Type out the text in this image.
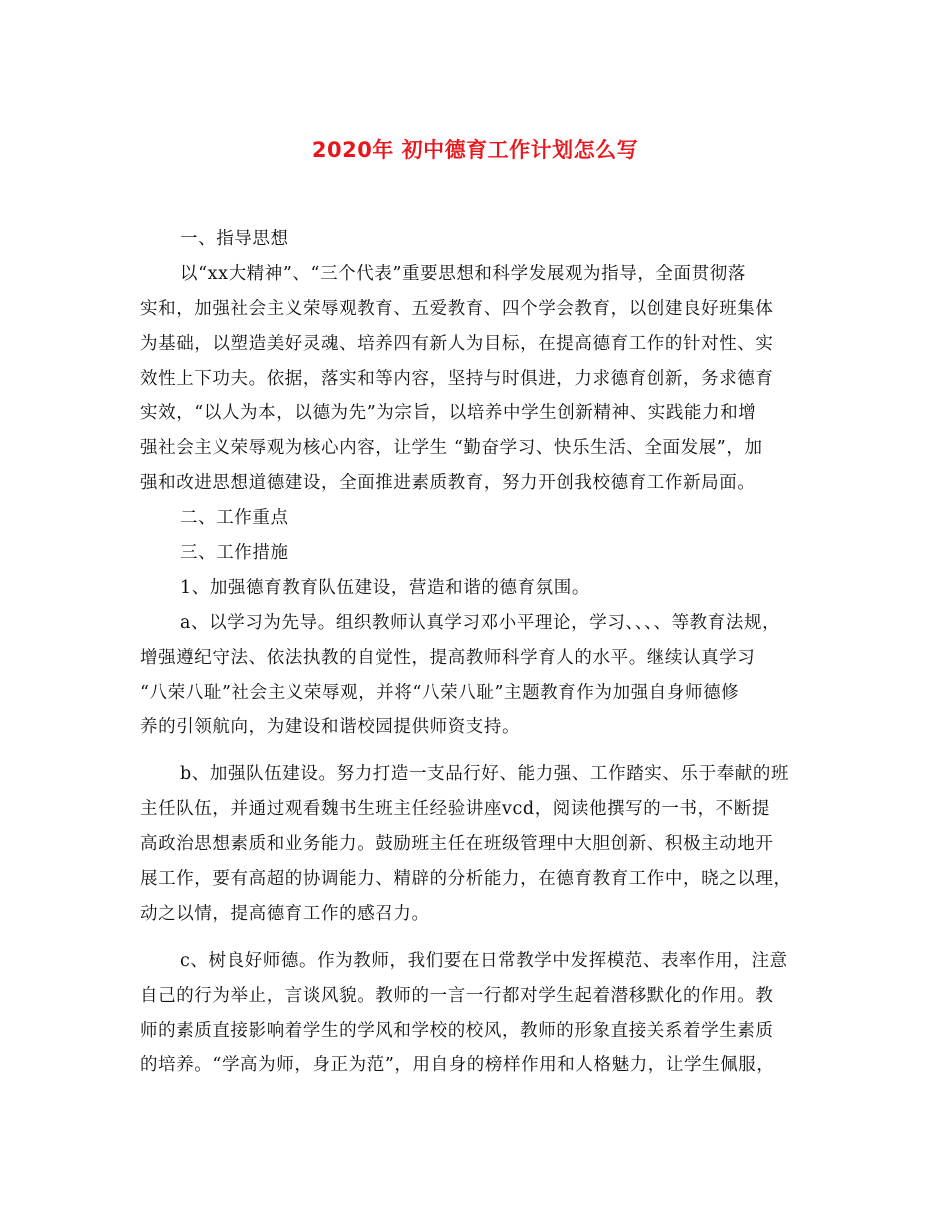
2020年 初中德育工作计划怎么写
一、指导思想
以“xx大精神”、“三个代表”重要思想和科学发展观为指导，全面贯彻落
实和，加强社会主义荣辱观教育、五爱教育、四个学会教育，以创建良好班集体
为基础，以塑造美好灵魂、培养四有新人为目标，在提高德育工作的针对性、实
效性上下功夫。依据，落实和等内容，坚持与时俱进，力求德育创新，务求德育
实效，“以人为本，以德为先”为宗旨，以培养中学生创新精神、实践能力和增
强社会主义荣辱观为核心内容，让学生 “勤奋学习、快乐生活、全面发展”，加
强和改进思想道德建设，全面推进素质教育，努力开创我校德育工作新局面。
二、工作重点
三、工作措施
1、加强德育教育队伍建设，营造和谐的德育氛围。
a、以学习为先导。组织教师认真学习邓小平理论，学习、、、、等教育法规，
增强遵纪守法、依法执教的自觉性，提高教师科学育人的水平。继续认真学习
“八荣八耻”社会主义荣辱观，并将“八荣八耻”主题教育作为加强自身师德修
养的引领航向，为建设和谐校园提供师资支持。
b、加强队伍建设。努力打造一支品行好、能力强、工作踏实、乐于奉献的班
主任队伍，并通过观看魏书生班主任经验讲座vcd，阅读他撰写的一书，不断提
高政治思想素质和业务能力。鼓励班主任在班级管理中大胆创新、积极主动地开
展工作，要有高超的协调能力、精辟的分析能力，在德育教育工作中，晓之以理，
动之以情，提高德育工作的感召力。
c、树良好师德。作为教师，我们要在日常教学中发挥模范、表率作用，注意
自己的行为举止，言谈风貌。教师的一言一行都对学生起着潜移默化的作用。教
师的素质直接影响着学生的学风和学校的校风，教师的形象直接关系着学生素质
的培养。“学高为师，身正为范”，用自身的榜样作用和人格魅力，让学生佩服，
